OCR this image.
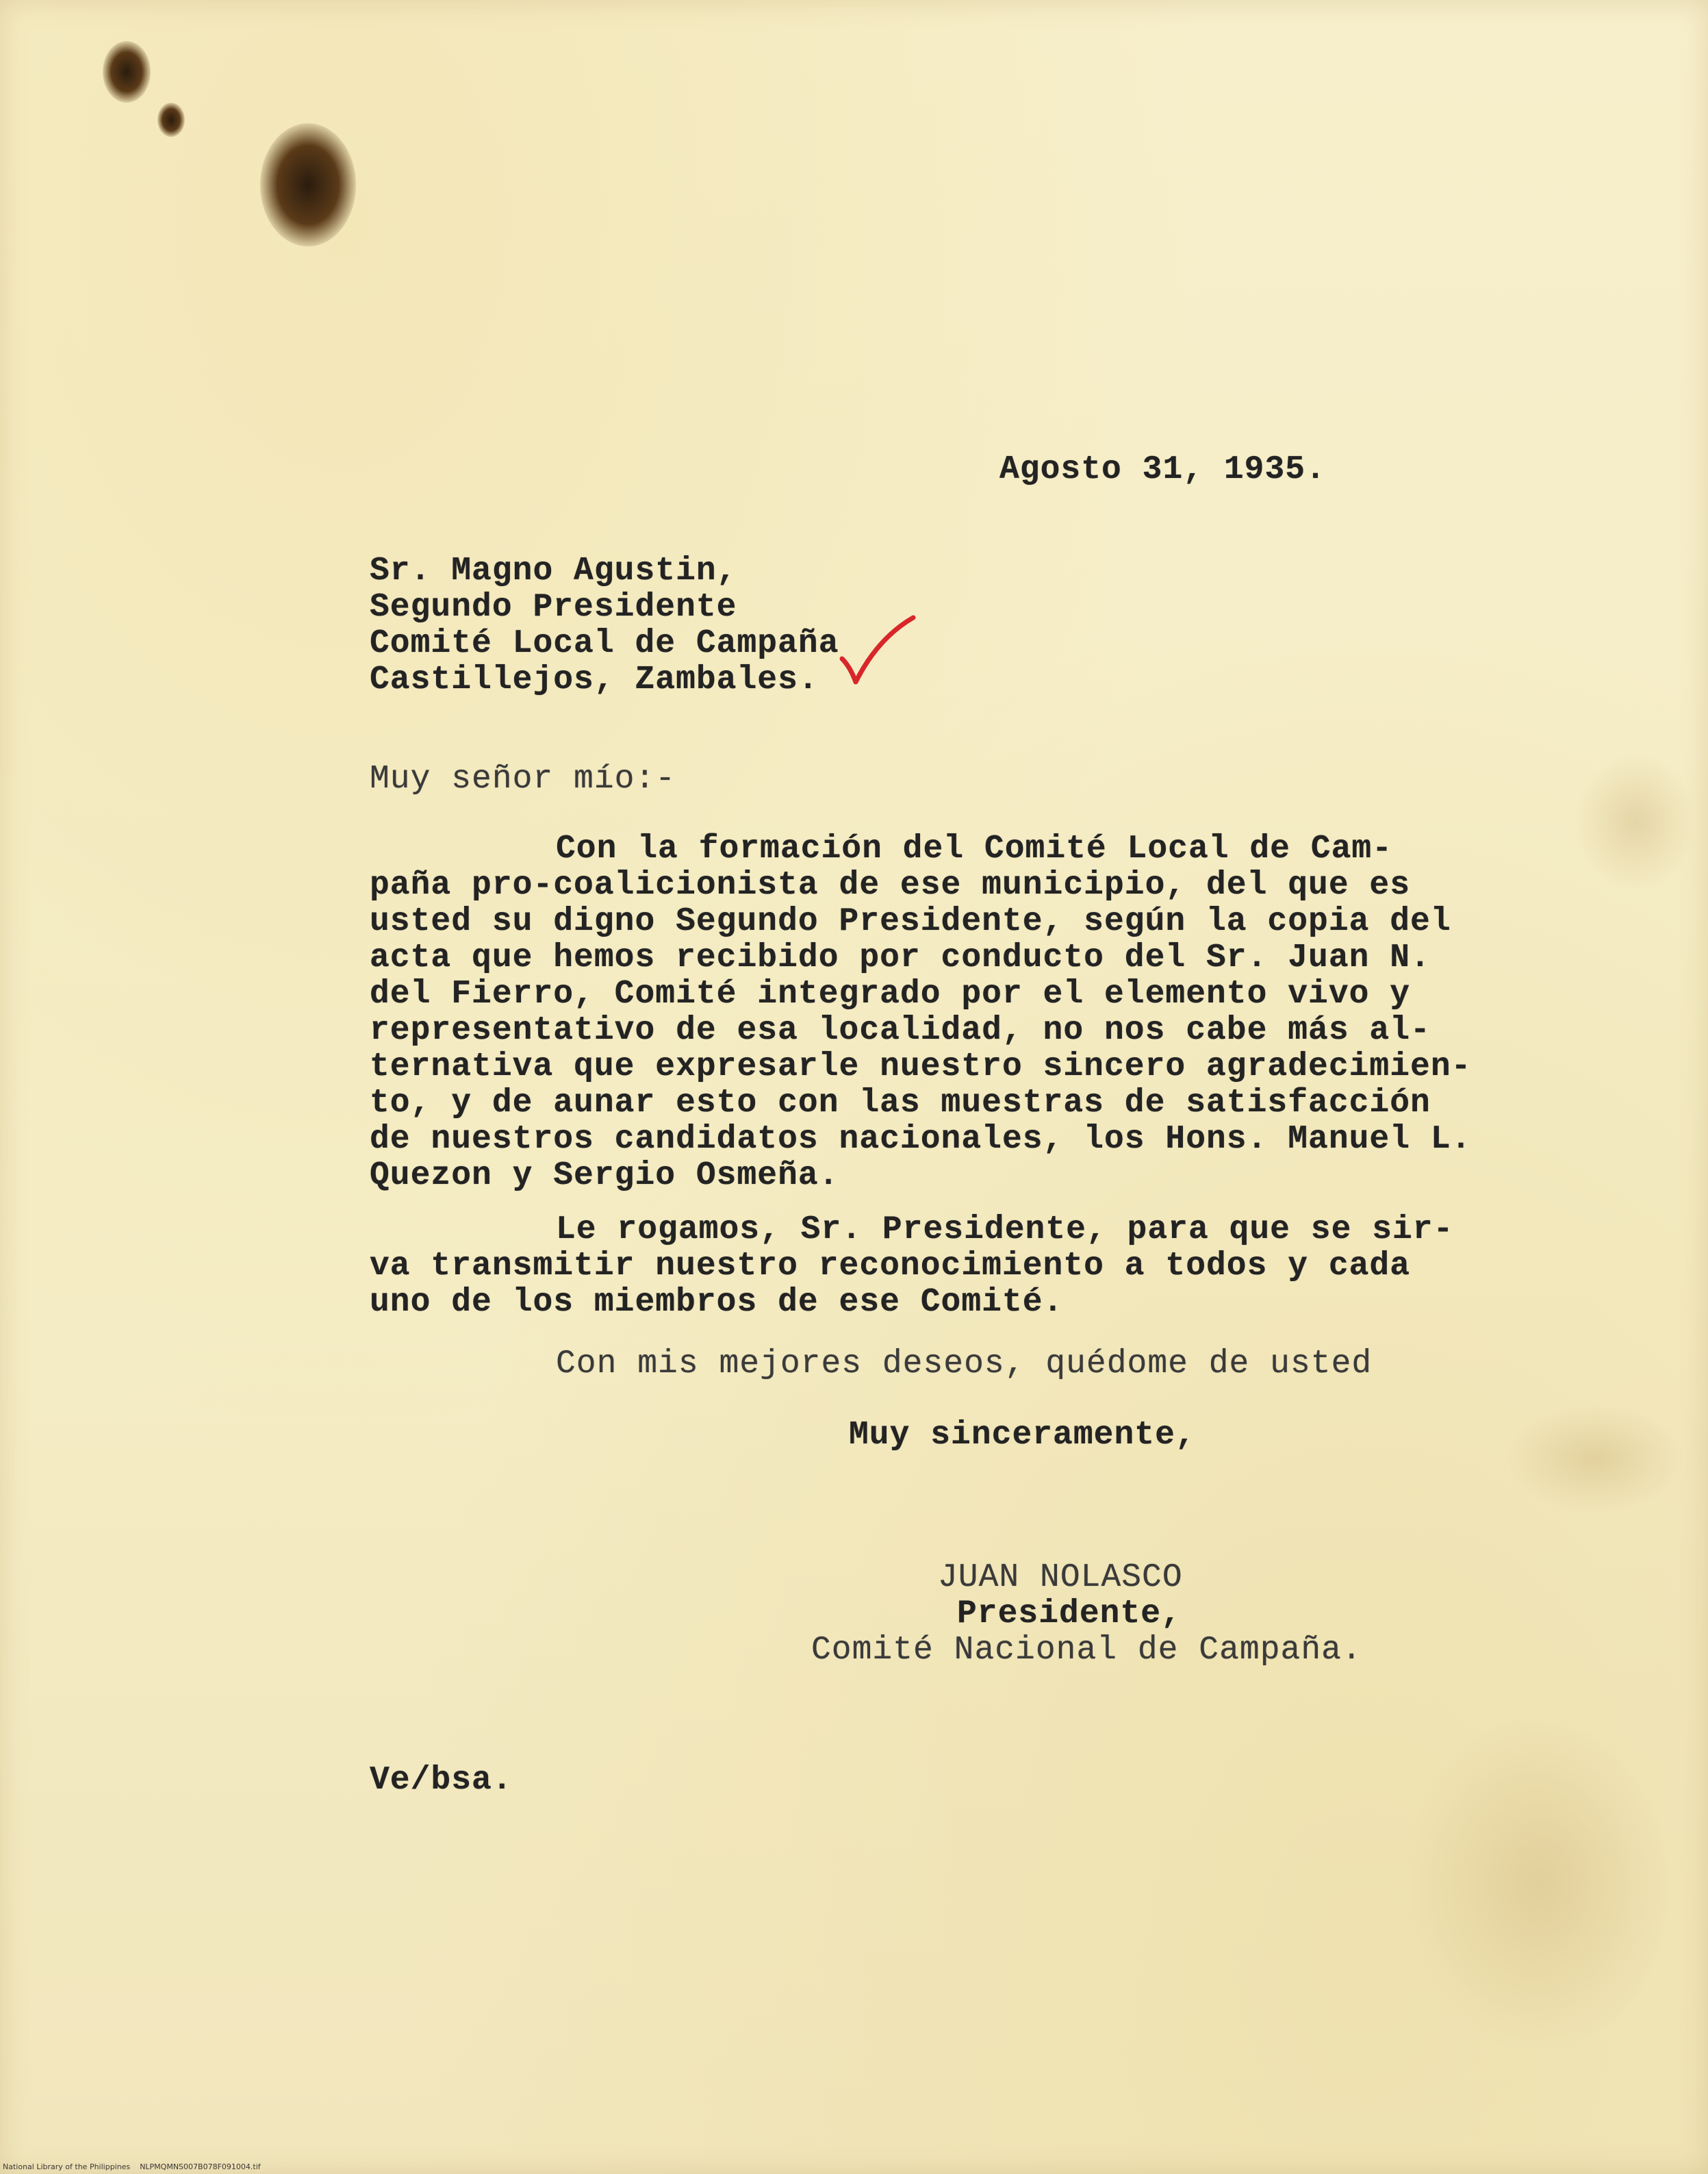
Agosto 31, 1935.
Sr. Magno Agustin,
Segundo Presidente
Comité Local de Campaña
Castillejos, Zambales.
Muy señor mío:-
Con la formación del Comité Local de Cam-
paña pro-coalicionista de ese municipio, del que es
usted su digno Segundo Presidente, según la copia del
acta que hemos recibido por conducto del Sr. Juan N.
del Fierro, Comité integrado por el elemento vivo y
representativo de esa localidad, no nos cabe más al-
ternativa que expresarle nuestro sincero agradecimien-
to, y de aunar esto con las muestras de satisfacción
de nuestros candidatos nacionales, los Hons. Manuel L.
Quezon y Sergio Osmeña.
Le rogamos, Sr. Presidente, para que se sir-
va transmitir nuestro reconocimiento a todos y cada
uno de los miembros de ese Comité.
Con mis mejores deseos, quédome de usted
Muy sinceramente,
JUAN NOLASCO
Presidente,
Comité Nacional de Campaña.
Ve/bsa.
National Library of the Philippines    NLPMQMNS007B078F091004.tif
